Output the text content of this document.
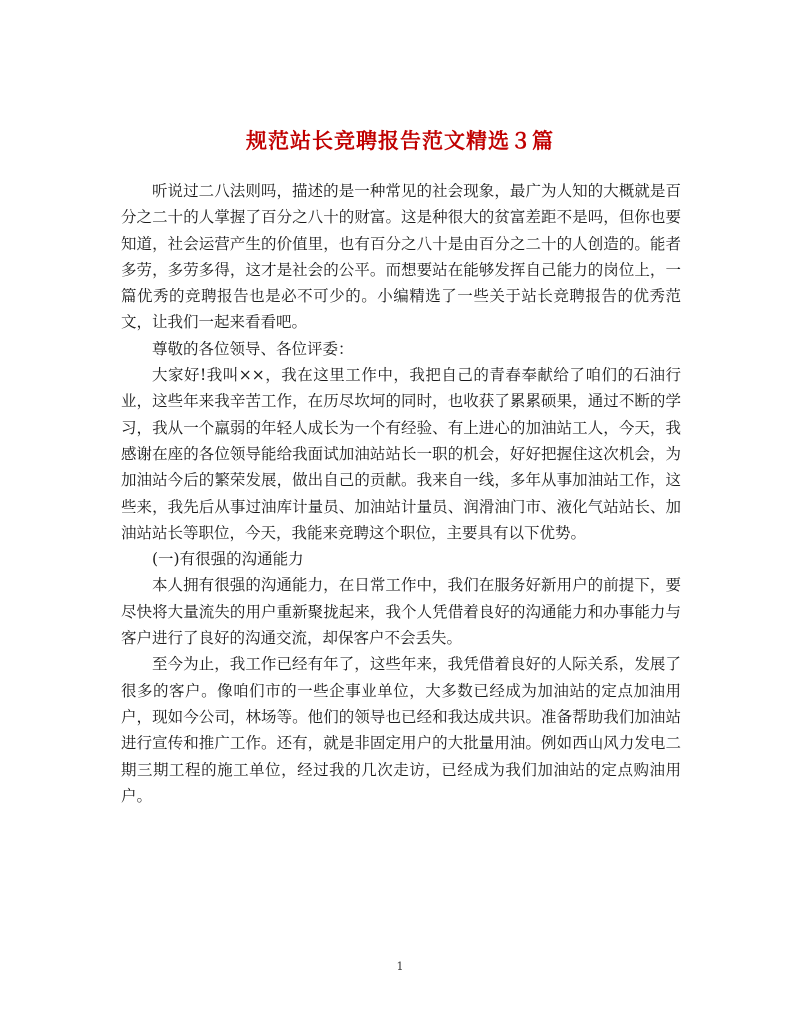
规范站长竞聘报告范文精选３篇

听说过二八法则吗，描述的是一种常见的社会现象，最广为人知的大概就是百分之二十的人掌握了百分之八十的财富。这是种很大的贫富差距不是吗，但你也要知道，社会运营产生的价值里，也有百分之八十是由百分之二十的人创造的。能者多劳，多劳多得，这才是社会的公平。而想要站在能够发挥自己能力的岗位上，一篇优秀的竞聘报告也是必不可少的。小编精选了一些关于站长竞聘报告的优秀范文，让我们一起来看看吧。

尊敬的各位领导、各位评委：

大家好!我叫××，我在这里工作中，我把自己的青春奉献给了咱们的石油行业，这些年来我辛苦工作，在历尽坎坷的同时，也收获了累累硕果，通过不断的学习，我从一个羸弱的年轻人成长为一个有经验、有上进心的加油站工人，今天，我感谢在座的各位领导能给我面试加油站站长一职的机会，好好把握住这次机会，为加油站今后的繁荣发展，做出自己的贡献。我来自一线，多年从事加油站工作，这些来，我先后从事过油库计量员、加油站计量员、润滑油门市、液化气站站长、加油站站长等职位，今天，我能来竞聘这个职位，主要具有以下优势。

(一)有很强的沟通能力

本人拥有很强的沟通能力，在日常工作中，我们在服务好新用户的前提下，要尽快将大量流失的用户重新聚拢起来，我个人凭借着良好的沟通能力和办事能力与客户进行了良好的沟通交流，却保客户不会丢失。

至今为止，我工作已经有年了，这些年来，我凭借着良好的人际关系，发展了很多的客户。像咱们市的一些企事业单位，大多数已经成为加油站的定点加油用户，现如今公司，林场等。他们的领导也已经和我达成共识。准备帮助我们加油站进行宣传和推广工作。还有，就是非固定用户的大批量用油。例如西山风力发电二期三期工程的施工单位，经过我的几次走访，已经成为我们加油站的定点购油用户。

1
